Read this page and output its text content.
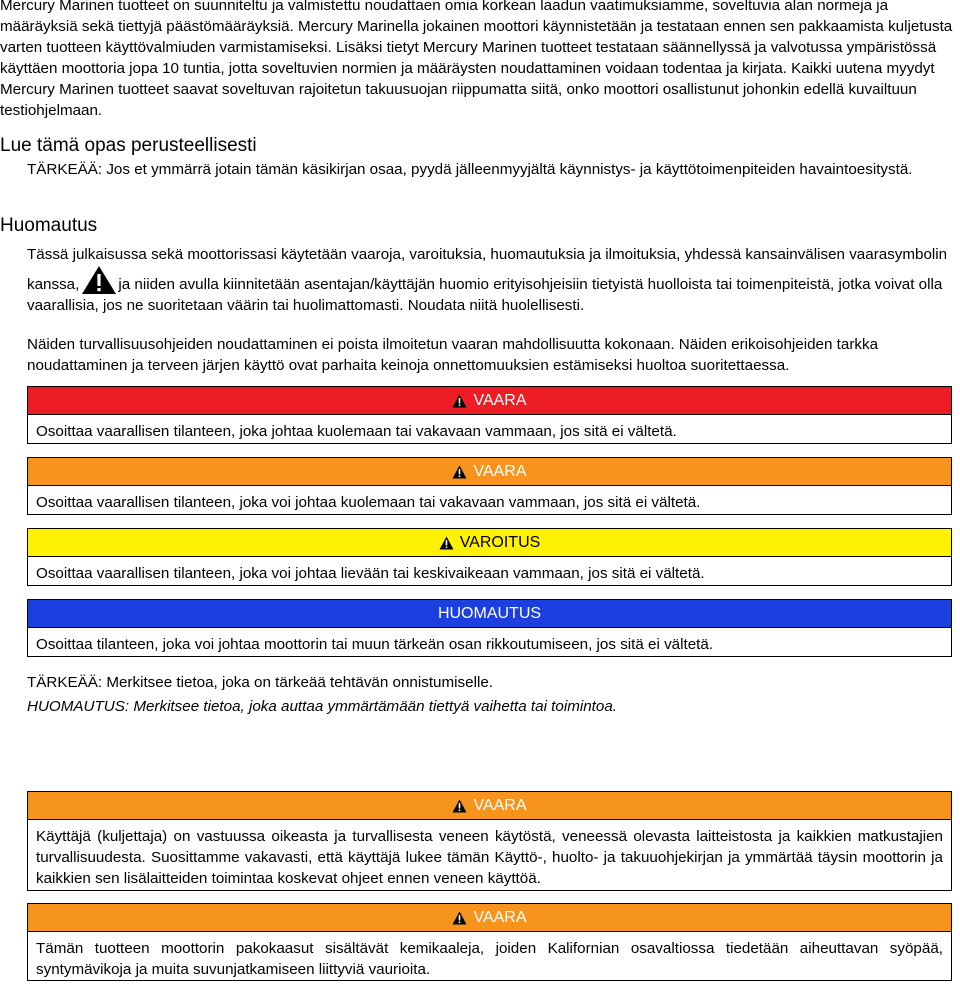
Mercury Marinen tuotteet on suunniteltu ja valmistettu noudattaen omia korkean laadun vaatimuksiamme, soveltuvia alan normeja ja määräyksiä sekä tiettyjä päästömääräyksiä. Mercury Marinella jokainen moottori käynnistetään ja testataan ennen sen pakkaamista kuljetusta varten tuotteen käyttövalmiuden varmistamiseksi. Lisäksi tietyt Mercury Marinen tuotteet testataan säännellyssä ja valvotussa ympäristössä käyttäen moottoria jopa 10 tuntia, jotta soveltuvien normien ja määräysten noudattaminen voidaan todentaa ja kirjata. Kaikki uutena myydyt Mercury Marinen tuotteet saavat soveltuvan rajoitetun takuusuojan riippumatta siitä, onko moottori osallistunut johonkin edellä kuvailtuun testiohjelmaan.

Lue tämä opas perusteellisesti

TÄRKEÄÄ: Jos et ymmärrä jotain tämän käsikirjan osaa, pyydä jälleenmyyjältä käynnistys- ja käyttötoimenpiteiden havaintoesitystä.

Huomautus

Tässä julkaisussa sekä moottorissasi käytetään vaaroja, varoituksia, huomautuksia ja ilmoituksia, yhdessä kansainvälisen vaarasymbolin kanssa,	ja niiden avulla kiinnitetään asentajan/käyttäjän huomio erityisohjeisiin tietyistä huolloista tai toimenpiteistä, jotka voivat olla vaarallisia, jos ne suoritetaan väärin tai huolimattomasti. Noudata niitä huolellisesti.

Näiden turvallisuusohjeiden noudattaminen ei poista ilmoitetun vaaran mahdollisuutta kokonaan. Näiden erikoisohjeiden tarkka noudattaminen ja terveen järjen käyttö ovat parhaita keinoja onnettomuuksien estämiseksi huoltoa suoritettaessa.

VAARA
Osoittaa vaarallisen tilanteen, joka johtaa kuolemaan tai vakavaan vammaan, jos sitä ei vältetä.
VAARA
Osoittaa vaarallisen tilanteen, joka voi johtaa kuolemaan tai vakavaan vammaan, jos sitä ei vältetä.
VAROITUS
Osoittaa vaarallisen tilanteen, joka voi johtaa lievään tai keskivaikeaan vammaan, jos sitä ei vältetä.
HUOMAUTUS
Osoittaa tilanteen, joka voi johtaa moottorin tai muun tärkeän osan rikkoutumiseen, jos sitä ei vältetä.

TÄRKEÄÄ: Merkitsee tietoa, joka on tärkeää tehtävän onnistumiselle.

HUOMAUTUS: Merkitsee tietoa, joka auttaa ymmärtämään tiettyä vaihetta tai toimintoa.

VAARA
Käyttäjä (kuljettaja) on vastuussa oikeasta ja turvallisesta veneen käytöstä, veneessä olevasta laitteistosta ja kaikkien matkustajien turvallisuudesta. Suosittamme vakavasti, että käyttäjä lukee tämän Käyttö-, huolto- ja takuuohjekirjan ja ymmärtää täysin moottorin ja kaikkien sen lisälaitteiden toimintaa koskevat ohjeet ennen veneen käyttöä.
VAARA
Tämän tuotteen moottorin pakokaasut sisältävät kemikaaleja, joiden Kalifornian osavaltiossa tiedetään aiheuttavan syöpää, syntymävikoja ja muita suvunjatkamiseen liittyviä vaurioita.
